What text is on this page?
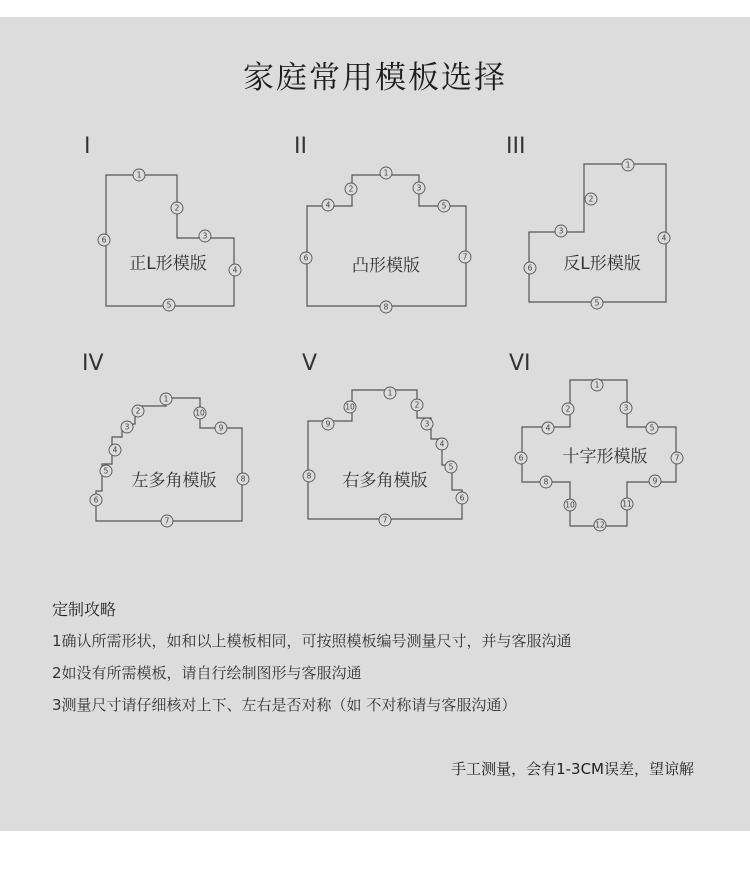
家庭常用模板选择
I	II	III
IV	V	VI
正L形模版
1
2
3
4
5
6
凸形模版
1
2	3
4	5
6	7
8
反L形模版
1
2
3
4
5
6
左多角模版
1
2
3
4
5
6
7
8
9
10
右多角模版
1
2
3
4
5
6
7
8
9
10
十字形模版
1
2	3
4	5
6	7
8	9
10	11
12
定制攻略
1确认所需形状，如和以上模板相同，可按照模板编号测量尺寸，并与客服沟通
2如没有所需模板，请自行绘制图形与客服沟通
3测量尺寸请仔细核对上下、左右是否对称（如 不对称请与客服沟通）
手工测量，会有1-3CM误差，望谅解
